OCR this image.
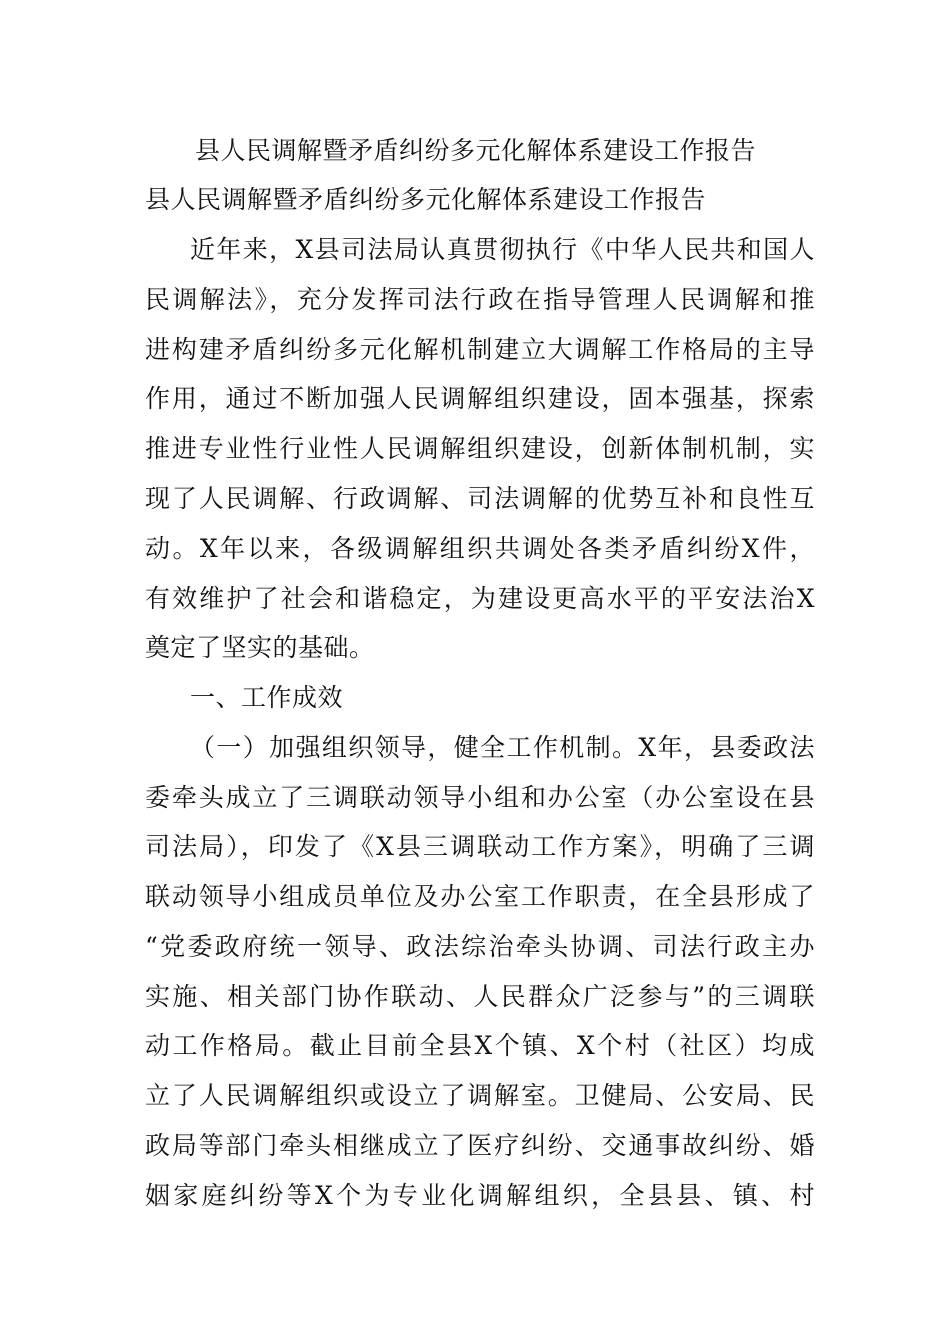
县人民调解暨矛盾纠纷多元化解体系建设工作报告
县人民调解暨矛盾纠纷多元化解体系建设工作报告
近年来，X县司法局认真贯彻执行《中华人民共和国人
民调解法》，充分发挥司法行政在指导管理人民调解和推
进构建矛盾纠纷多元化解机制建立大调解工作格局的主导
作用，通过不断加强人民调解组织建设，固本强基，探索
推进专业性行业性人民调解组织建设，创新体制机制，实
现了人民调解、行政调解、司法调解的优势互补和良性互
动。X年以来，各级调解组织共调处各类矛盾纠纷X件，
有效维护了社会和谐稳定，为建设更高水平的平安法治X
奠定了坚实的基础。
一、工作成效
（一）加强组织领导，健全工作机制。X年，县委政法
委牵头成立了三调联动领导小组和办公室（办公室设在县
司法局），印发了《X县三调联动工作方案》，明确了三调
联动领导小组成员单位及办公室工作职责，在全县形成了
“党委政府统一领导、政法综治牵头协调、司法行政主办
实施、相关部门协作联动、人民群众广泛参与”的三调联
动工作格局。截止目前全县X个镇、X个村（社区）均成
立了人民调解组织或设立了调解室。卫健局、公安局、民
政局等部门牵头相继成立了医疗纠纷、交通事故纠纷、婚
姻家庭纠纷等X个为专业化调解组织，全县县、镇、村
